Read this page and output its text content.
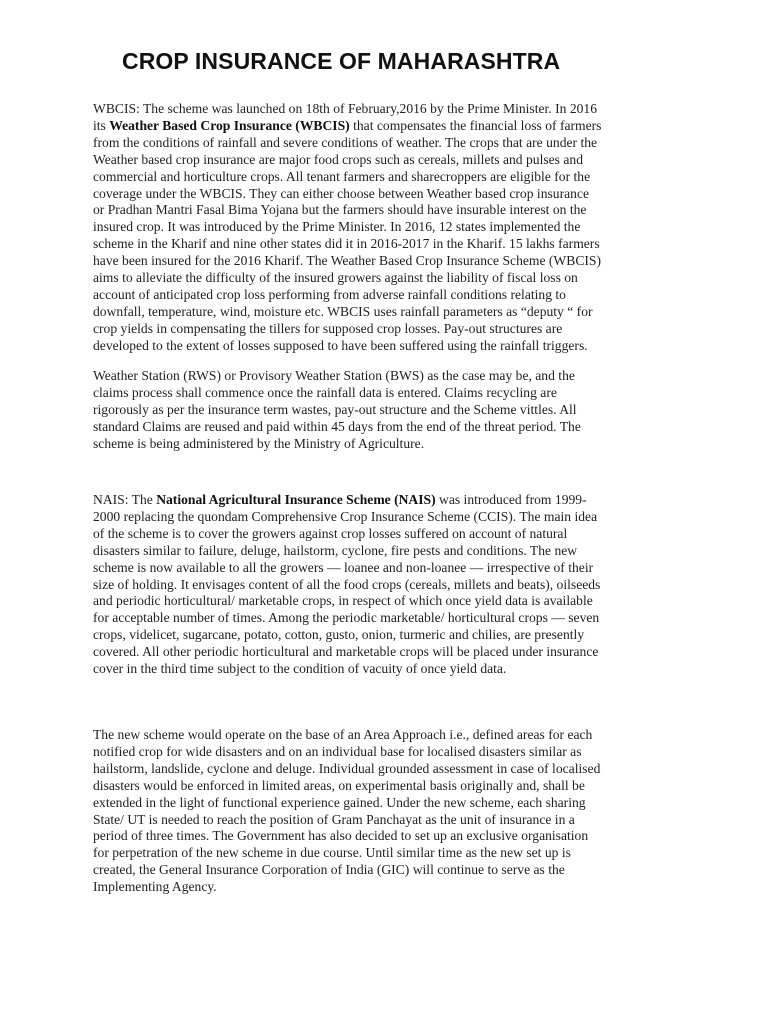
CROP INSURANCE OF MAHARASHTRA

WBCIS: The scheme was launched on 18th of February,2016 by the Prime Minister. In 2016
its Weather Based Crop Insurance (WBCIS) that compensates the financial loss of farmers
from the conditions of rainfall and severe conditions of weather. The crops that are under the
Weather based crop insurance are major food crops such as cereals, millets and pulses and
commercial and horticulture crops. All tenant farmers and sharecroppers are eligible for the
coverage under the WBCIS. They can either choose between Weather based crop insurance
or Pradhan Mantri Fasal Bima Yojana but the farmers should have insurable interest on the
insured crop. It was introduced by the Prime Minister. In 2016, 12 states implemented the
scheme in the Kharif and nine other states did it in 2016-2017 in the Kharif. 15 lakhs farmers
have been insured for the 2016 Kharif. The Weather Based Crop Insurance Scheme (WBCIS)
aims to alleviate the difficulty of the insured growers against the liability of fiscal loss on
account of anticipated crop loss performing from adverse rainfall conditions relating to
downfall, temperature, wind, moisture etc. WBCIS uses rainfall parameters as “deputy “ for
crop yields in compensating the tillers for supposed crop losses. Pay-out structures are
developed to the extent of losses supposed to have been suffered using the rainfall triggers.

Weather Station (RWS) or Provisory Weather Station (BWS) as the case may be, and the
claims process shall commence once the rainfall data is entered. Claims recycling are
rigorously as per the insurance term wastes, pay-out structure and the Scheme vittles. All
standard Claims are reused and paid within 45 days from the end of the threat period. The
scheme is being administered by the Ministry of Agriculture.

NAIS: The National Agricultural Insurance Scheme (NAIS) was introduced from 1999-
2000 replacing the quondam Comprehensive Crop Insurance Scheme (CCIS). The main idea
of the scheme is to cover the growers against crop losses suffered on account of natural
disasters similar to failure, deluge, hailstorm, cyclone, fire pests and conditions. The new
scheme is now available to all the growers — loanee and non-loanee — irrespective of their
size of holding. It envisages content of all the food crops (cereals, millets and beats), oilseeds
and periodic horticultural/ marketable crops, in respect of which once yield data is available
for acceptable number of times. Among the periodic marketable/ horticultural crops — seven
crops, videlicet, sugarcane, potato, cotton, gusto, onion, turmeric and chilies, are presently
covered. All other periodic horticultural and marketable crops will be placed under insurance
cover in the third time subject to the condition of vacuity of once yield data.

The new scheme would operate on the base of an Area Approach i.e., defined areas for each
notified crop for wide disasters and on an individual base for localised disasters similar as
hailstorm, landslide, cyclone and deluge. Individual grounded assessment in case of localised
disasters would be enforced in limited areas, on experimental basis originally and, shall be
extended in the light of functional experience gained. Under the new scheme, each sharing
State/ UT is needed to reach the position of Gram Panchayat as the unit of insurance in a
period of three times. The Government has also decided to set up an exclusive organisation
for perpetration of the new scheme in due course. Until similar time as the new set up is
created, the General Insurance Corporation of India (GIC) will continue to serve as the
Implementing Agency.
